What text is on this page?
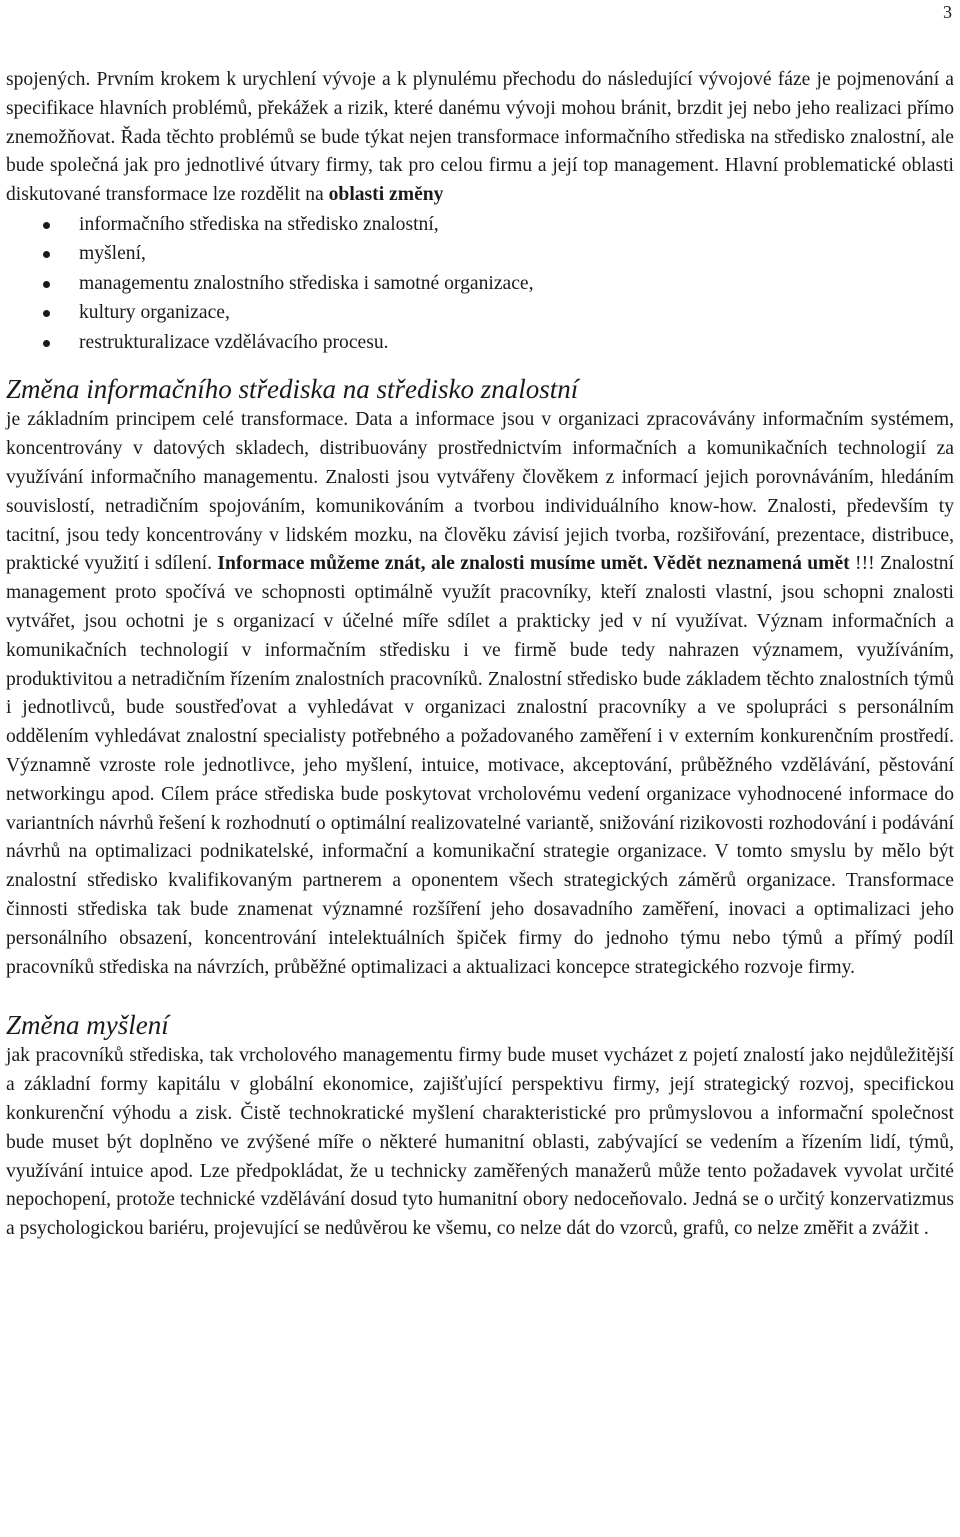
3

spojených. Prvním krokem k urychlení vývoje a k plynulému přechodu do následující vývojové fáze je pojmenování a specifikace hlavních problémů, překážek a rizik, které danému vývoji mohou bránit, brzdit jej nebo jeho realizaci přímo znemožňovat. Řada těchto problémů se bude týkat nejen transformace informačního střediska na středisko znalostní, ale bude společná jak pro jednotlivé útvary firmy, tak pro celou firmu a její top management. Hlavní problematické oblasti diskutované transformace lze rozdělit na oblasti změny

informačního střediska na středisko znalostní,
myšlení,
managementu znalostního střediska i samotné organizace,
kultury organizace,
restrukturalizace vzdělávacího procesu.
Změna informačního střediska na středisko znalostní

je základním principem celé transformace. Data a informace jsou v organizaci zpracovávány informačním systémem, koncentrovány v datových skladech, distribuovány prostřednictvím informačních a komunikačních technologií za využívání informačního managementu. Znalosti jsou vytvářeny člověkem z informací jejich porovnáváním, hledáním souvislostí, netradičním spojováním, komunikováním a tvorbou individuálního know-how. Znalosti, především ty tacitní, jsou tedy koncentrovány v lidském mozku, na člověku závisí jejich tvorba, rozšiřování, prezentace, distribuce, praktické využití i sdílení. Informace můžeme znát, ale znalosti musíme umět. Vědět neznamená umět !!! Znalostní management proto spočívá ve schopnosti optimálně využít pracovníky, kteří znalosti vlastní, jsou schopni znalosti vytvářet, jsou ochotni je s organizací v účelné míře sdílet a prakticky jed v ní využívat. Význam informačních a komunikačních technologií v informačním středisku i ve firmě bude tedy nahrazen významem, využíváním, produktivitou a netradičním řízením znalostních pracovníků. Znalostní středisko bude základem těchto znalostních týmů i jednotlivců, bude soustřeďovat a vyhledávat v organizaci znalostní pracovníky a ve spolupráci s personálním oddělením vyhledávat znalostní specialisty potřebného a požadovaného zaměření i v externím konkurenčním prostředí. Významně vzroste role jednotlivce, jeho myšlení, intuice, motivace, akceptování, průběžného vzdělávání, pěstování networkingu apod. Cílem práce střediska bude poskytovat vrcholovému vedení organizace vyhodnocené informace do variantních návrhů řešení k rozhodnutí o optimální realizovatelné variantě, snižování rizikovosti rozhodování i podávání návrhů na optimalizaci podnikatelské, informační a komunikační strategie organizace. V tomto smyslu by mělo být znalostní středisko kvalifikovaným partnerem a oponentem všech strategických záměrů organizace. Transformace činnosti střediska tak bude znamenat významné rozšíření jeho dosavadního zaměření, inovaci a optimalizaci jeho personálního obsazení, koncentrování intelektuálních špiček firmy do jednoho týmu nebo týmů a přímý podíl pracovníků střediska na návrzích, průběžné optimalizaci a aktualizaci koncepce strategického rozvoje firmy.

Změna myšlení

jak pracovníků střediska, tak vrcholového managementu firmy bude muset vycházet z pojetí znalostí jako nejdůležitější a základní formy kapitálu v globální ekonomice, zajišťující perspektivu firmy, její strategický rozvoj, specifickou konkurenční výhodu a zisk. Čistě technokratické myšlení charakteristické pro průmyslovou a informační společnost bude muset být doplněno ve zvýšené míře o některé humanitní oblasti, zabývající se vedením a řízením lidí, týmů, využívání intuice apod. Lze předpokládat, že u technicky zaměřených manažerů může tento požadavek vyvolat určité nepochopení, protože technické vzdělávání dosud tyto humanitní obory nedoceňovalo. Jedná se o určitý konzervatizmus a psychologickou bariéru, projevující se nedůvěrou ke všemu, co nelze dát do vzorců, grafů, co nelze změřit a zvážit .
